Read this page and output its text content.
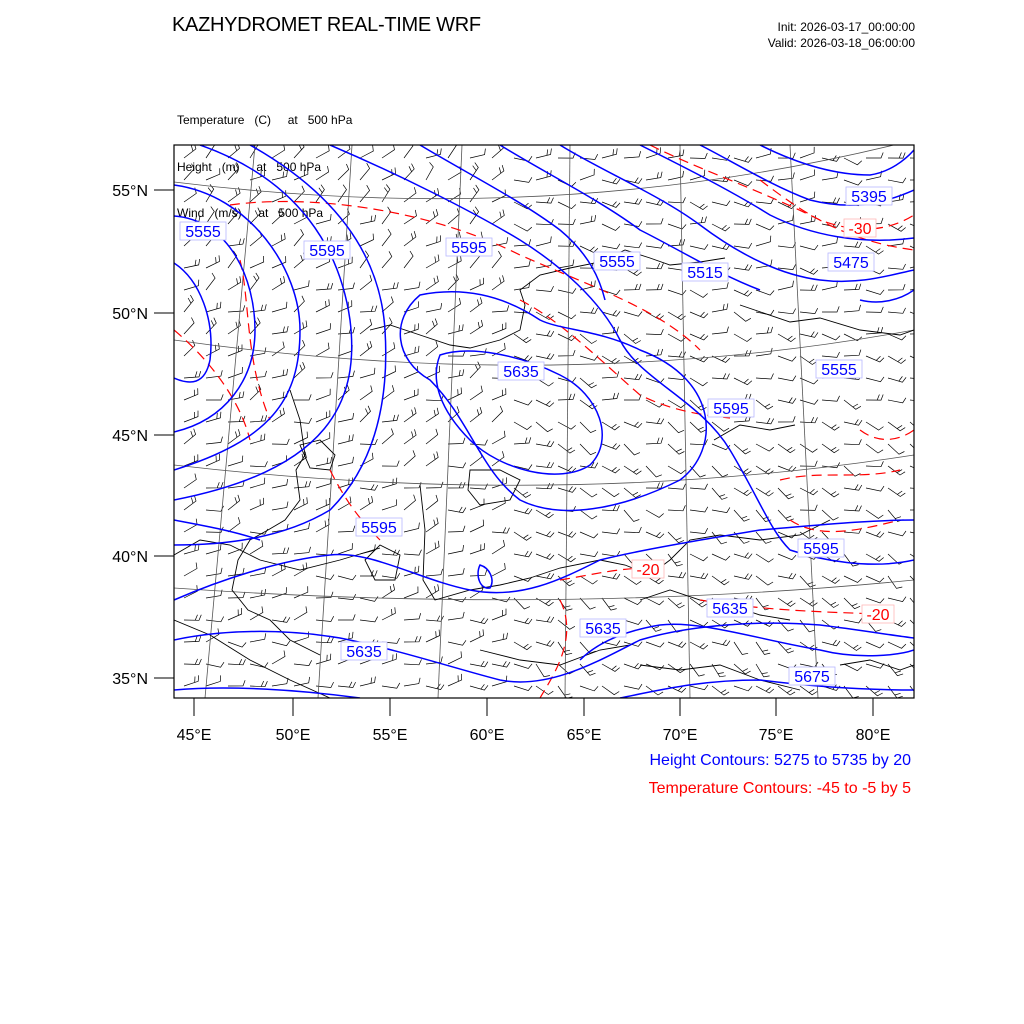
KAZHYDROMET REAL-TIME WRF	Init: 2026-03-17_00:00:00
Valid: 2026-03-18_06:00:00

Temperature   (C)     at   500 hPa

Height   (m)     at   500 hPa

Wind   (m/s)     at   500 hPa

55°N
50°N
45°N
40°N
35°N
45°E	50°E	55°E	60°E	65°E	70°E	75°E	80°E
5555
5595	5595
5555
5515
5395
5475
5635	5555
5595
5595
5595
5635
5635
5635
5675
-30
-20
-20
Height Contours: 5275 to 5735 by 20
Temperature Contours: -45 to -5 by 5
